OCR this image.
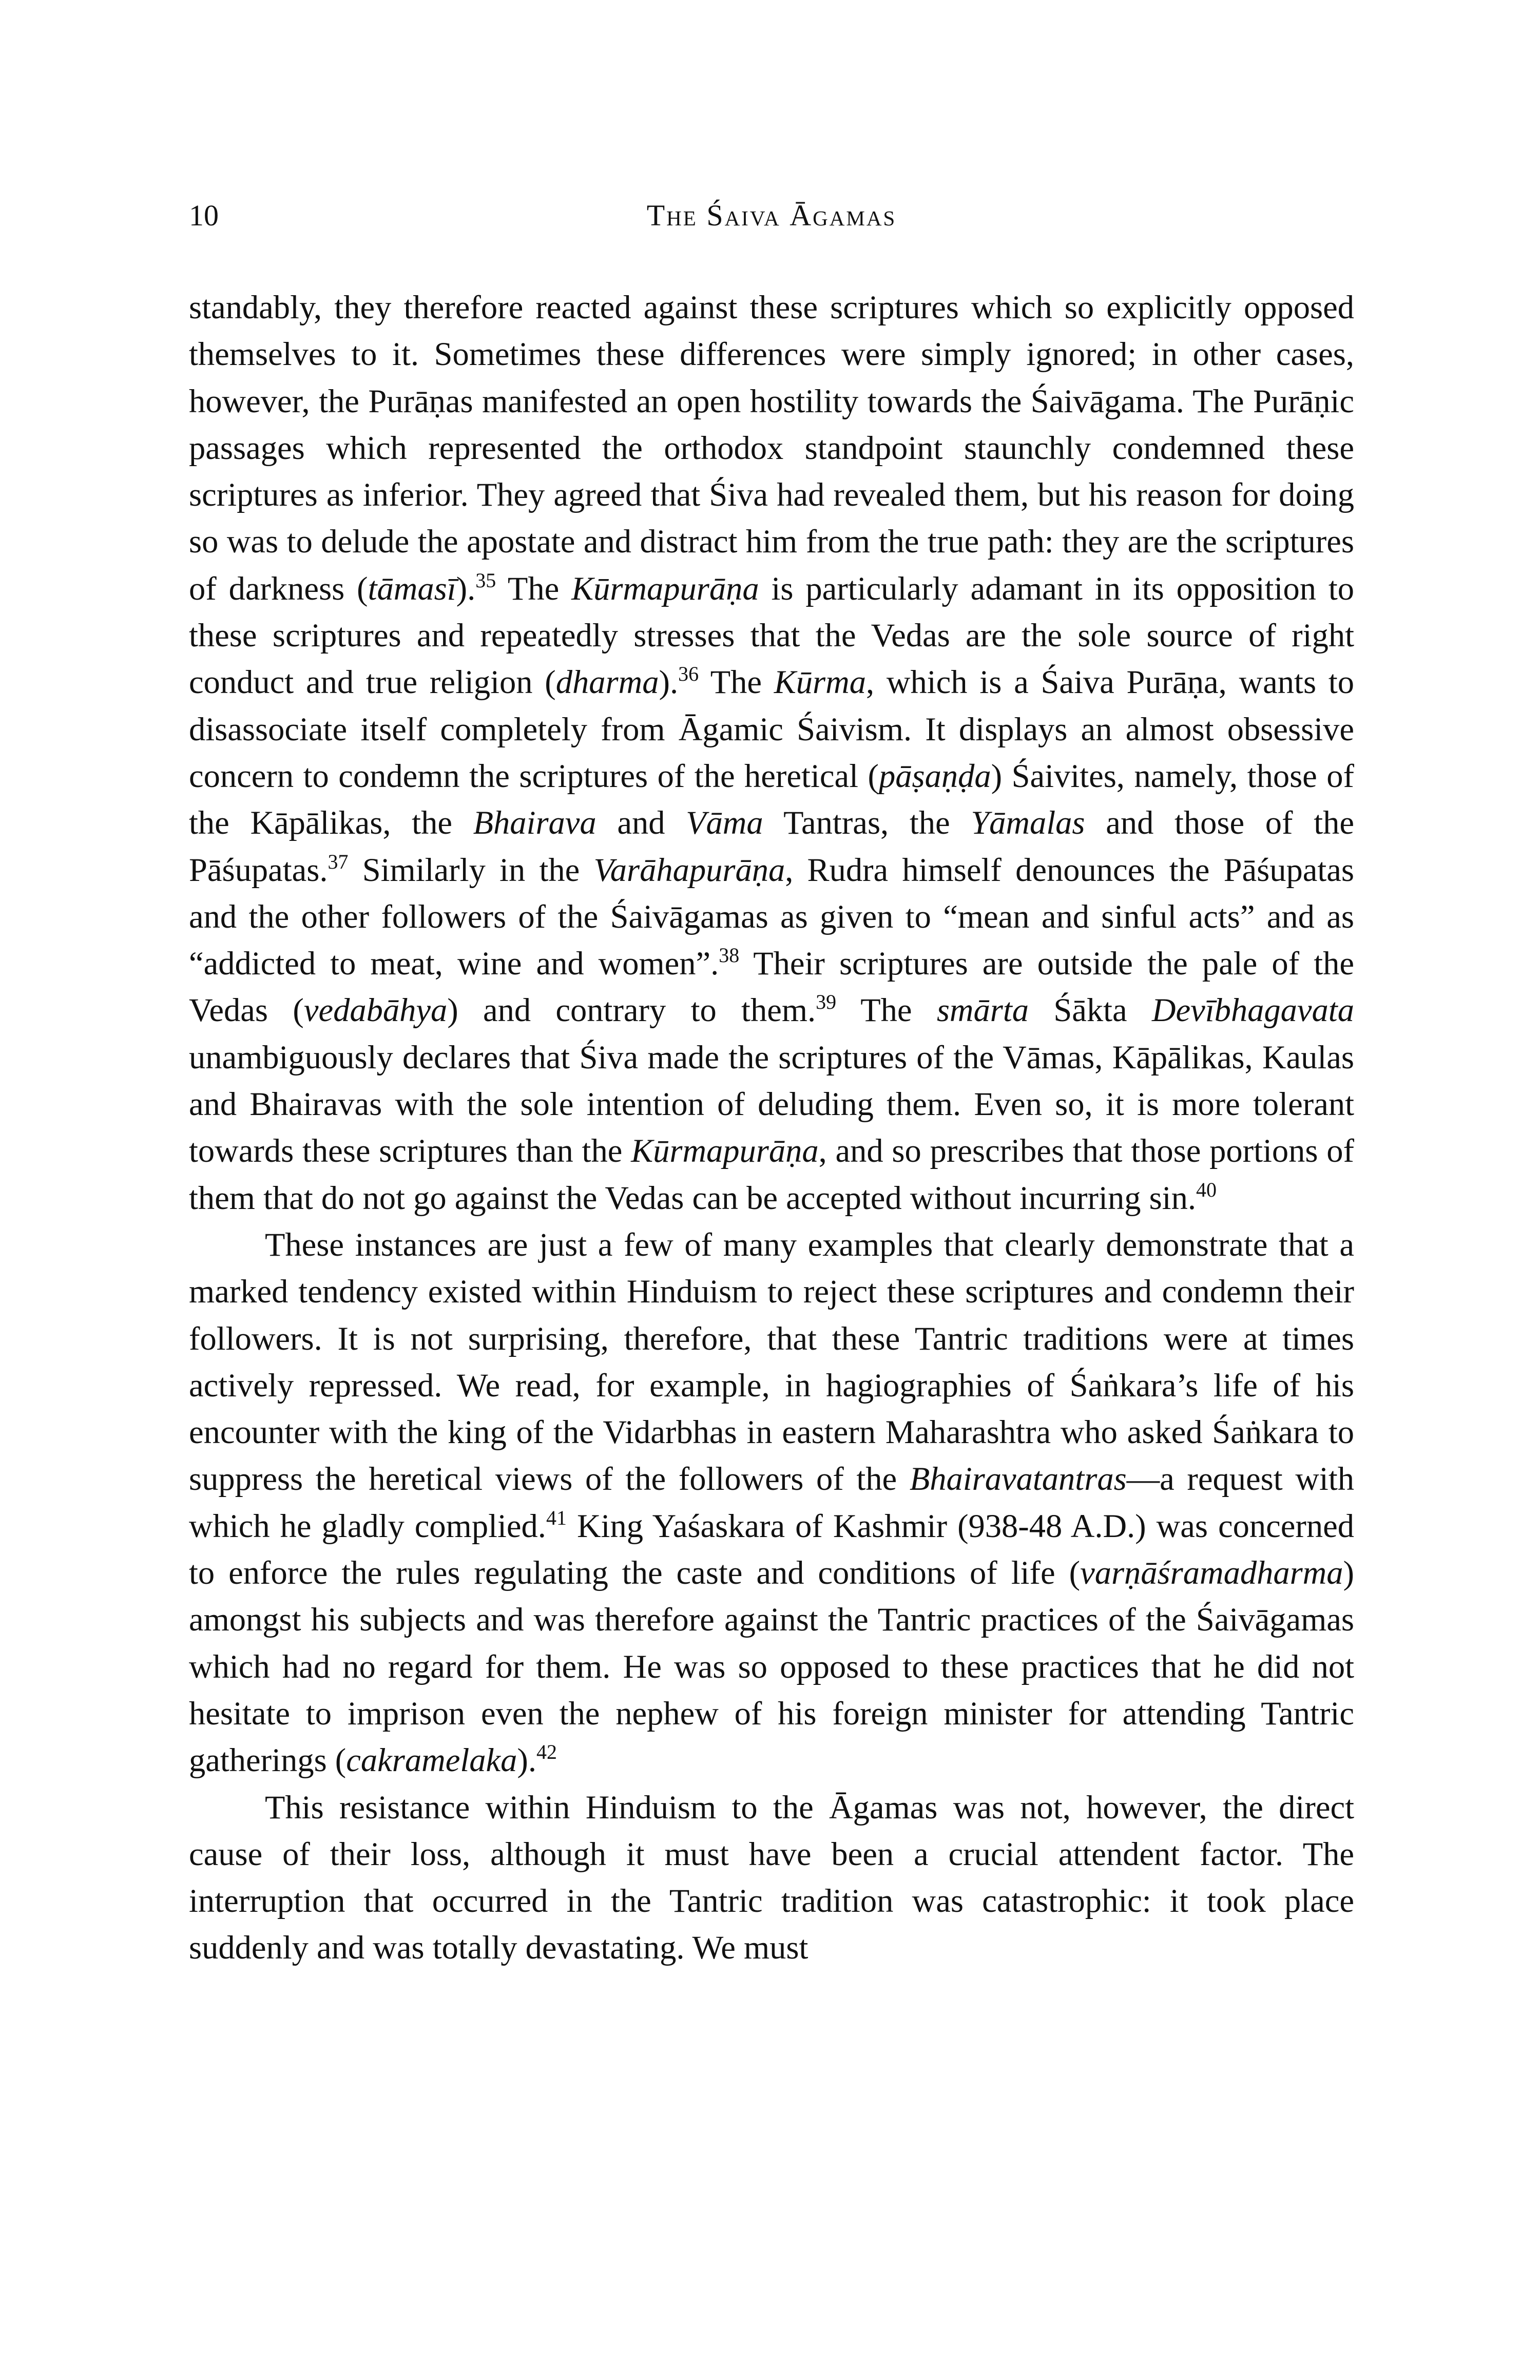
10	The Śaiva Āgamas

standably, they therefore reacted against these scriptures which so explicitly opposed themselves to it. Sometimes these differences were simply ignored; in other cases, however, the Purāṇas manifested an open hostility towards the Śaivāgama. The Purāṇic passages which represented the orthodox standpoint staunchly condemned these scriptures as inferior. They agreed that Śiva had revealed them, but his reason for doing so was to delude the apostate and distract him from the true path: they are the scriptures of darkness (tāmasī).$^{35}$ The Kūrmapurāṇa is particularly adamant in its opposition to these scriptures and repeatedly stresses that the Vedas are the sole source of right conduct and true religion (dharma).$^{36}$ The Kūrma, which is a Śaiva Purāṇa, wants to disassociate itself completely from Āgamic Śaivism. It displays an almost obsessive concern to condemn the scriptures of the heretical (pāṣaṇḍa) Śaivites, namely, those of the Kāpālikas, the Bhairava and Vāma Tantras, the Yāmalas and those of the Pāśupatas.$^{37}$ Similarly in the Varāhapurāṇa, Rudra himself denounces the Pāśupatas and the other followers of the Śaivāgamas as given to “mean and sinful acts” and as “addicted to meat, wine and women”.$^{38}$ Their scriptures are outside the pale of the Vedas (vedabāhya) and contrary to them.$^{39}$ The smārta Śākta Devībhagavata unambiguously declares that Śiva made the scriptures of the Vāmas, Kāpālikas, Kaulas and Bhairavas with the sole intention of deluding them. Even so, it is more tolerant towards these scriptures than the Kūrmapurāṇa, and so prescribes that those portions of them that do not go against the Vedas can be accepted without incurring sin.$^{40}$

These instances are just a few of many examples that clearly demonstrate that a marked tendency existed within Hinduism to reject these scriptures and condemn their followers. It is not surprising, therefore, that these Tantric traditions were at times actively repressed. We read, for example, in hagiographies of Śaṅkara’s life of his encounter with the king of the Vidarbhas in eastern Maharashtra who asked Śaṅkara to suppress the heretical views of the followers of the Bhairavatantras—a request with which he gladly complied.$^{41}$ King Yaśaskara of Kashmir (938-48 A.D.) was concerned to enforce the rules regulating the caste and conditions of life (varṇāśramadharma) amongst his subjects and was therefore against the Tantric practices of the Śaivāgamas which had no regard for them. He was so opposed to these practices that he did not hesitate to imprison even the nephew of his foreign minister for attending Tantric gatherings (cakramelaka).$^{42}$

This resistance within Hinduism to the Āgamas was not, however, the direct cause of their loss, although it must have been a crucial attendent factor. The interruption that occurred in the Tantric tradition was catastrophic: it took place suddenly and was totally devastating. We must
